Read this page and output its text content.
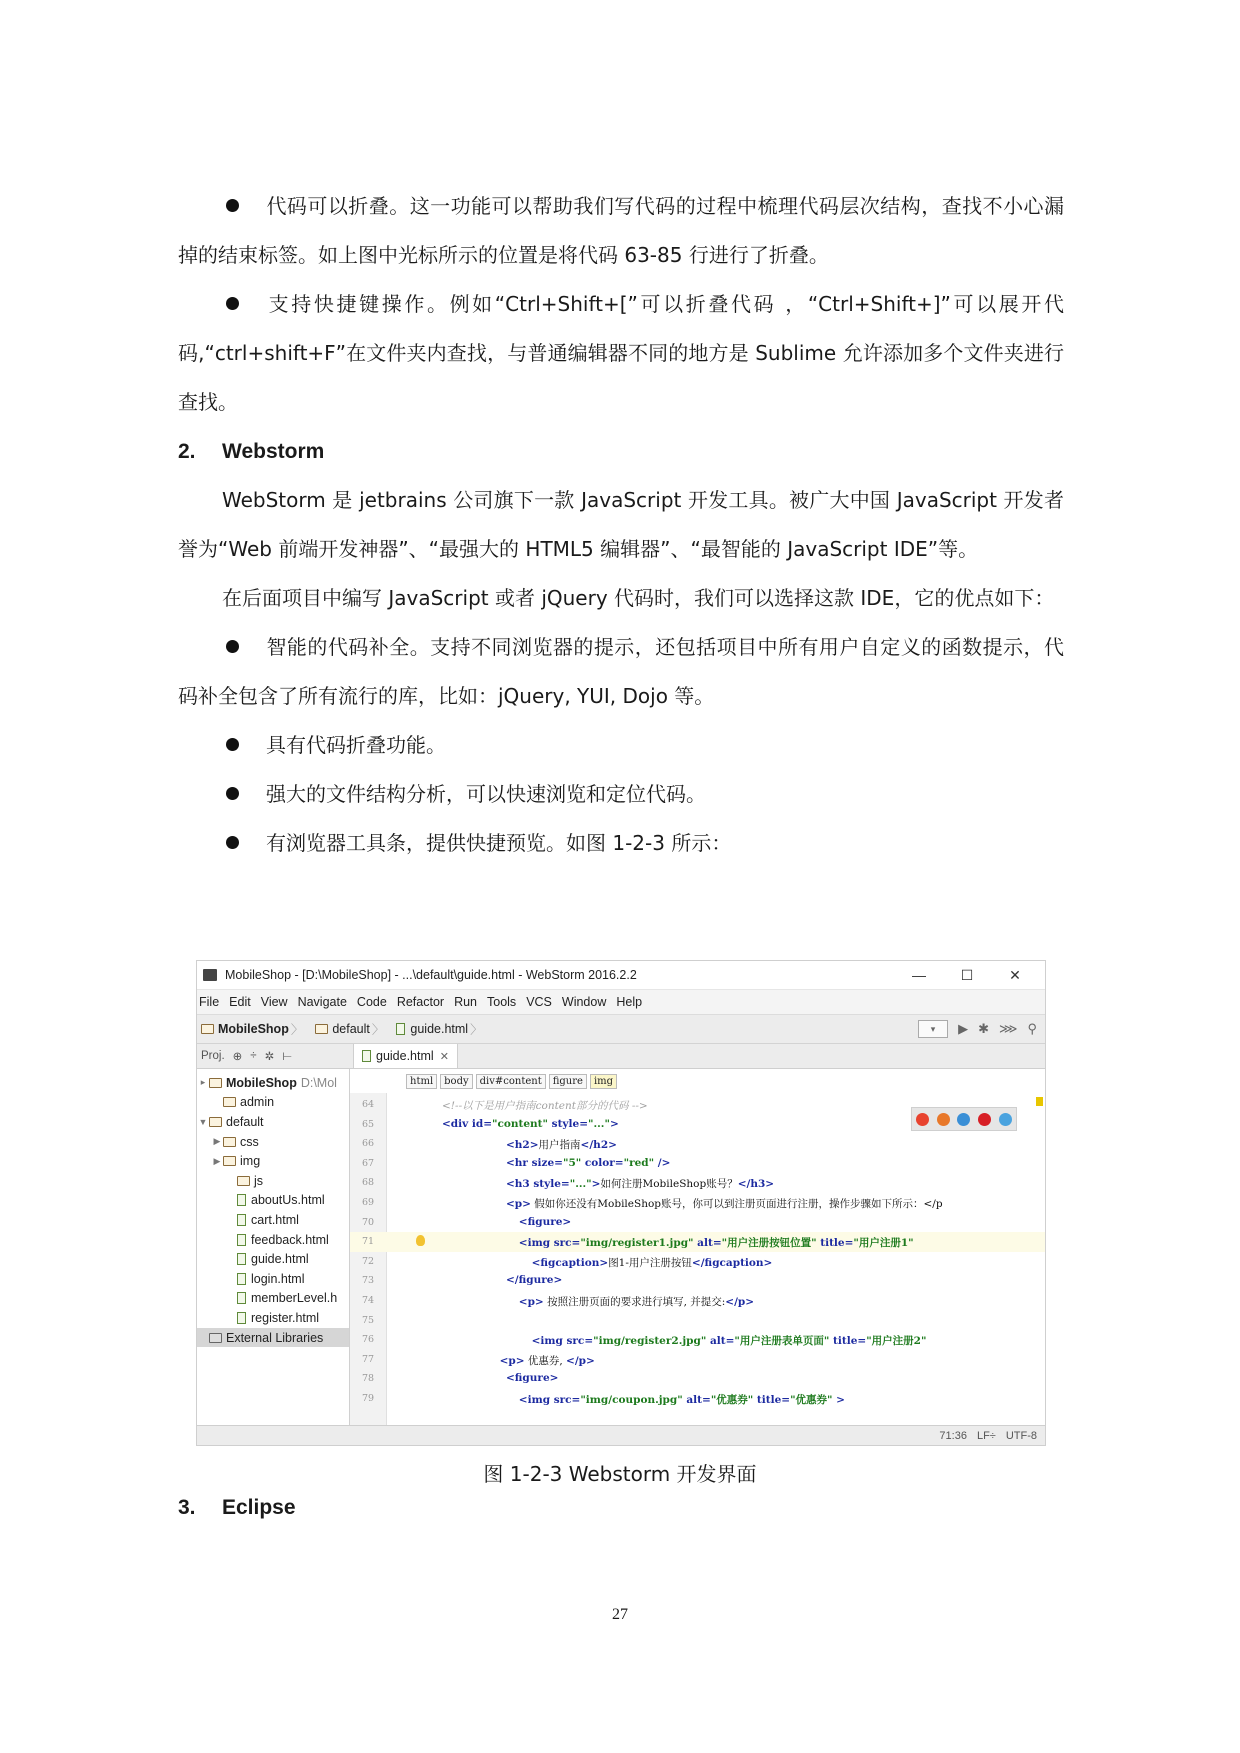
代码可以折叠。这一功能可以帮助我们写代码的过程中梳理代码层次结构，查找不小心漏掉的结束标签。如上图中光标所示的位置是将代码 63-85 行进行了折叠。

支持快捷键操作。例如“Ctrl+Shift+[”可以折叠代码 ，“Ctrl+Shift+]”可以展开代码,“ctrl+shift+F”在文件夹内查找，与普通编辑器不同的地方是 Sublime 允许添加多个文件夹进行查找。

2. Webstorm

WebStorm 是 jetbrains 公司旗下一款 JavaScript 开发工具。被广大中国 JavaScript 开发者誉为“Web 前端开发神器”、“最强大的 HTML5 编辑器”、“最智能的 JavaScript IDE”等。

在后面项目中编写 JavaScript 或者 jQuery 代码时，我们可以选择这款 IDE，它的优点如下：

智能的代码补全。支持不同浏览器的提示，还包括项目中所有用户自定义的函数提示，代码补全包含了所有流行的库，比如：jQuery, YUI, Dojo 等。

具有代码折叠功能。

强大的文件结构分析，可以快速浏览和定位代码。

有浏览器工具条，提供快捷预览。如图 1-2-3 所示：

MobileShop - [D:\MobileShop] - ...\default\guide.html - WebStorm 2016.2.2	—	☐	✕
File Edit View Navigate Code Refactor Run Tools VCS Window Help
MobileShop 〉 default 〉 guide.html 〉	▾	▶ ✱ ⋙ ⚲
Proj. ⊕ ÷ ✲ ⊢	guide.html ✕
▸ MobileShop D:\Mol
admin
▼ default
▶ css
▶ img
js
aboutUs.html
cart.html
feedback.html
guide.html
login.html
memberLevel.h
register.html
External Libraries
html	body	div#content	figure	img
64	<!--以下是用户指南content部分的代码 -->
65	<div id="content" style="...">
66	<h2>用户指南</h2>
67	<hr size="5" color="red" />
68	<h3 style="...">如何注册MobileShop账号？</h3>
69	<p> 假如你还没有MobileShop账号，你可以到注册页面进行注册，操作步骤如下所示：</p
70	<figure>
71	<img src="img/register1.jpg" alt="用户注册按钮位置" title="用户注册1"
72	<figcaption>图1-用户注册按钮</figcaption>
73	</figure>
74	<p> 按照注册页面的要求进行填写, 并提交:</p>
75
76	<img src="img/register2.jpg" alt="用户注册表单页面" title="用户注册2"
77	<p> 优惠券, </p>
78	<figure>
79	<img src="img/coupon.jpg" alt="优惠券" title="优惠券" >
71:36 LF÷ UTF-8
图 1-2-3 Webstorm 开发界面

3. Eclipse

27
